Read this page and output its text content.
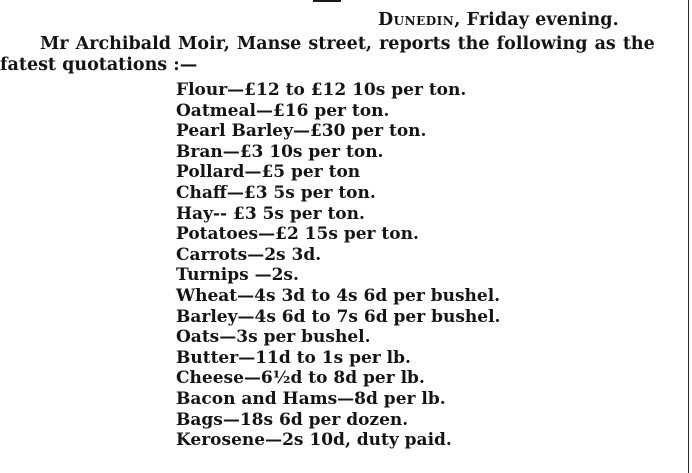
Dunedin, Friday evening.
Mr Archibald Moir, Manse street, reports the following as the
fatest quotations :—
Flour—£12 to £12 10s per ton.
Oatmeal—£16 per ton.
Pearl Barley—£30 per ton.
Bran—£3 10s per ton.
Pollard—£5 per ton
Chaff—£3 5s per ton.
Hay-- £3 5s per ton.
Potatoes—£2 15s per ton.
Carrots—2s 3d.
Turnips —2s.
Wheat—4s 3d to 4s 6d per bushel.
Barley—4s 6d to 7s 6d per bushel.
Oats—3s per bushel.
Butter—11d to 1s per lb.
Cheese—6½d to 8d per lb.
Bacon and Hams—8d per lb.
Bags—18s 6d per dozen.
Kerosene—2s 10d, duty paid.
